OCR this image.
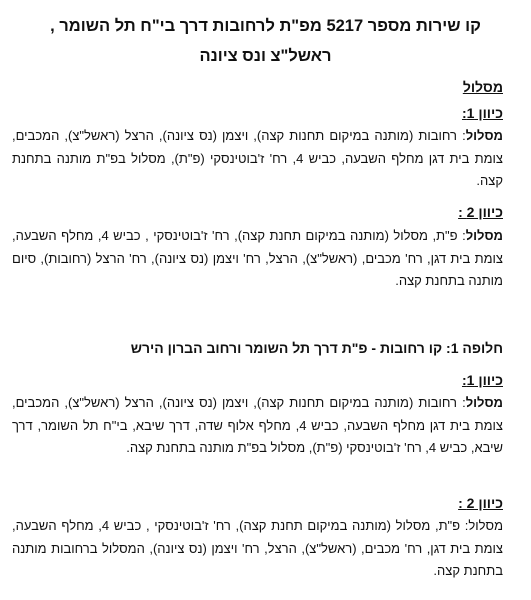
קו שירות מספר 5217 מפ"ת לרחובות דרך בי"ח תל השומר ,
ראשל"צ ונס ציונה
מסלול
כיוון 1:
מסלול: רחובות (מותנה במיקום תחנות קצה), ויצמן (נס ציונה), הרצל (ראשל"צ), המכבים, צומת בית דגן מחלף השבעה, כביש 4, רח' ז'בוטינסקי (פ"ת), מסלול בפ"ת מותנה בתחנת קצה.
כיוון 2 :
מסלול: פ"ת, מסלול (מותנה במיקום תחנת קצה), רח' ז'בוטינסקי , כביש 4, מחלף השבעה, צומת בית דגן, רח' מכבים, (ראשל"צ), הרצל, רח' ויצמן (נס ציונה), רח' הרצל (רחובות), סיום מותנה בתחנת קצה.
חלופה 1: קו רחובות - פ"ת דרך תל השומר ורחוב הברון הירש
כיוון 1:
מסלול: רחובות (מותנה במיקום תחנות קצה), ויצמן (נס ציונה), הרצל (ראשל"צ), המכבים, צומת בית דגן מחלף השבעה, כביש 4, מחלף אלוף שדה, דרך שיבא, בי"ח תל השומר, דרך שיבא, כביש 4, רח' ז'בוטינסקי (פ"ת), מסלול בפ"ת מותנה בתחנת קצה.
כיוון 2 :
מסלול: פ"ת, מסלול (מותנה במיקום תחנת קצה), רח' ז'בוטינסקי , כביש 4, מחלף השבעה, צומת בית דגן, רח' מכבים, (ראשל"צ), הרצל, רח' ויצמן (נס ציונה), המסלול ברחובות מותנה בתחנת קצה.
